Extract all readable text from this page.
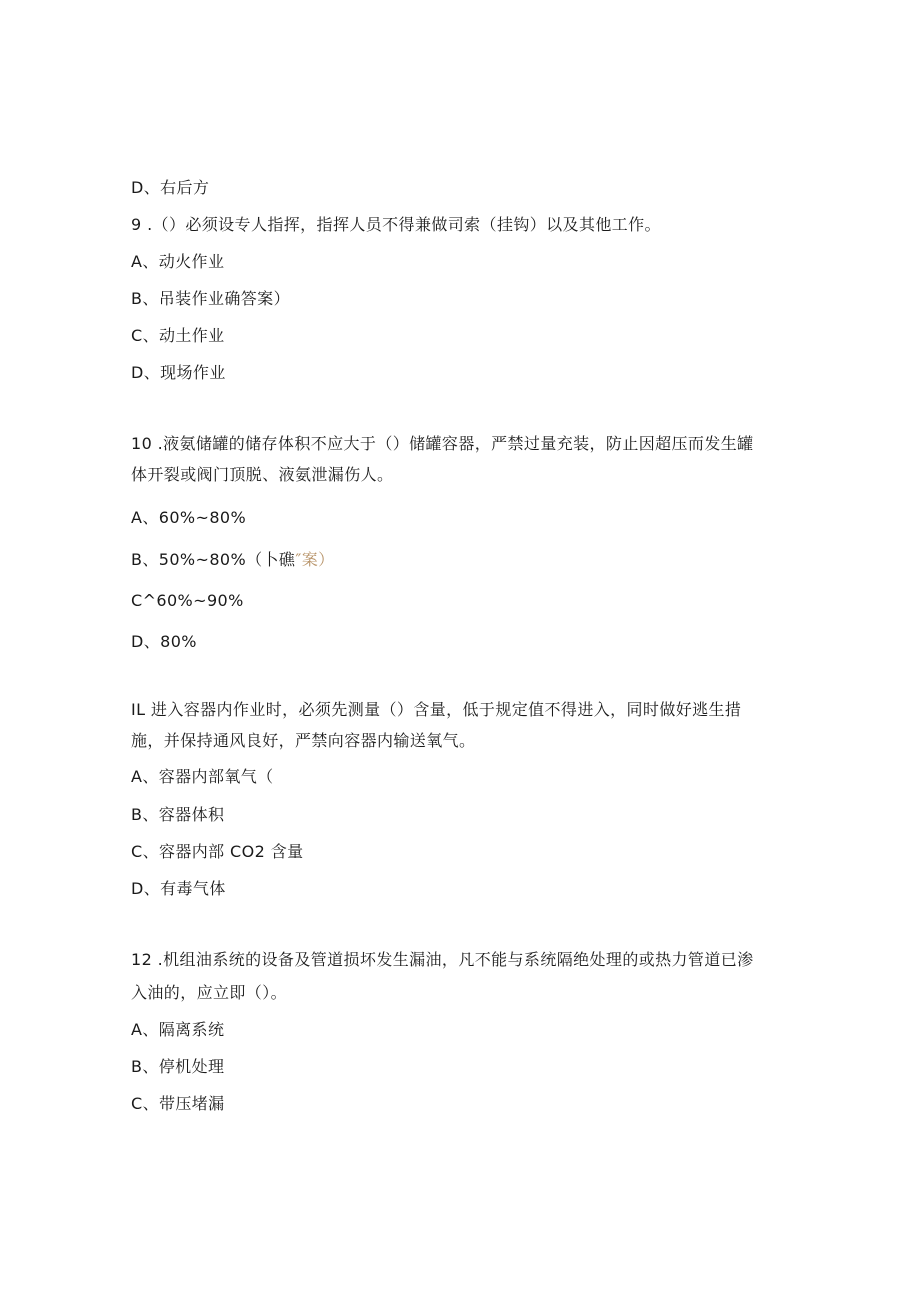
D、右后方
9 .（）必须设专人指挥，指挥人员不得兼做司索（挂钩）以及其他工作。
A、动火作业
B、吊装作业确答案）
C、动土作业
D、现场作业
10 .液氨储罐的储存体积不应大于（）储罐容器，严禁过量充装，防止因超压而发生罐
体开裂或阀门顶脱、液氨泄漏伤人。
A、60%~80%
B、50%~80%（卜礁″案）
C^60%~90%
D、80%
IL 进入容器内作业时，必须先测量（）含量，低于规定值不得进入，同时做好逃生措
施，并保持通风良好，严禁向容器内输送氧气。
A、容器内部氧气（
B、容器体积
C、容器内部 CO2 含量
D、有毒气体
12 .机组油系统的设备及管道损坏发生漏油，凡不能与系统隔绝处理的或热力管道已渗
入油的，应立即（）。
A、隔离系统
B、停机处理
C、带压堵漏
